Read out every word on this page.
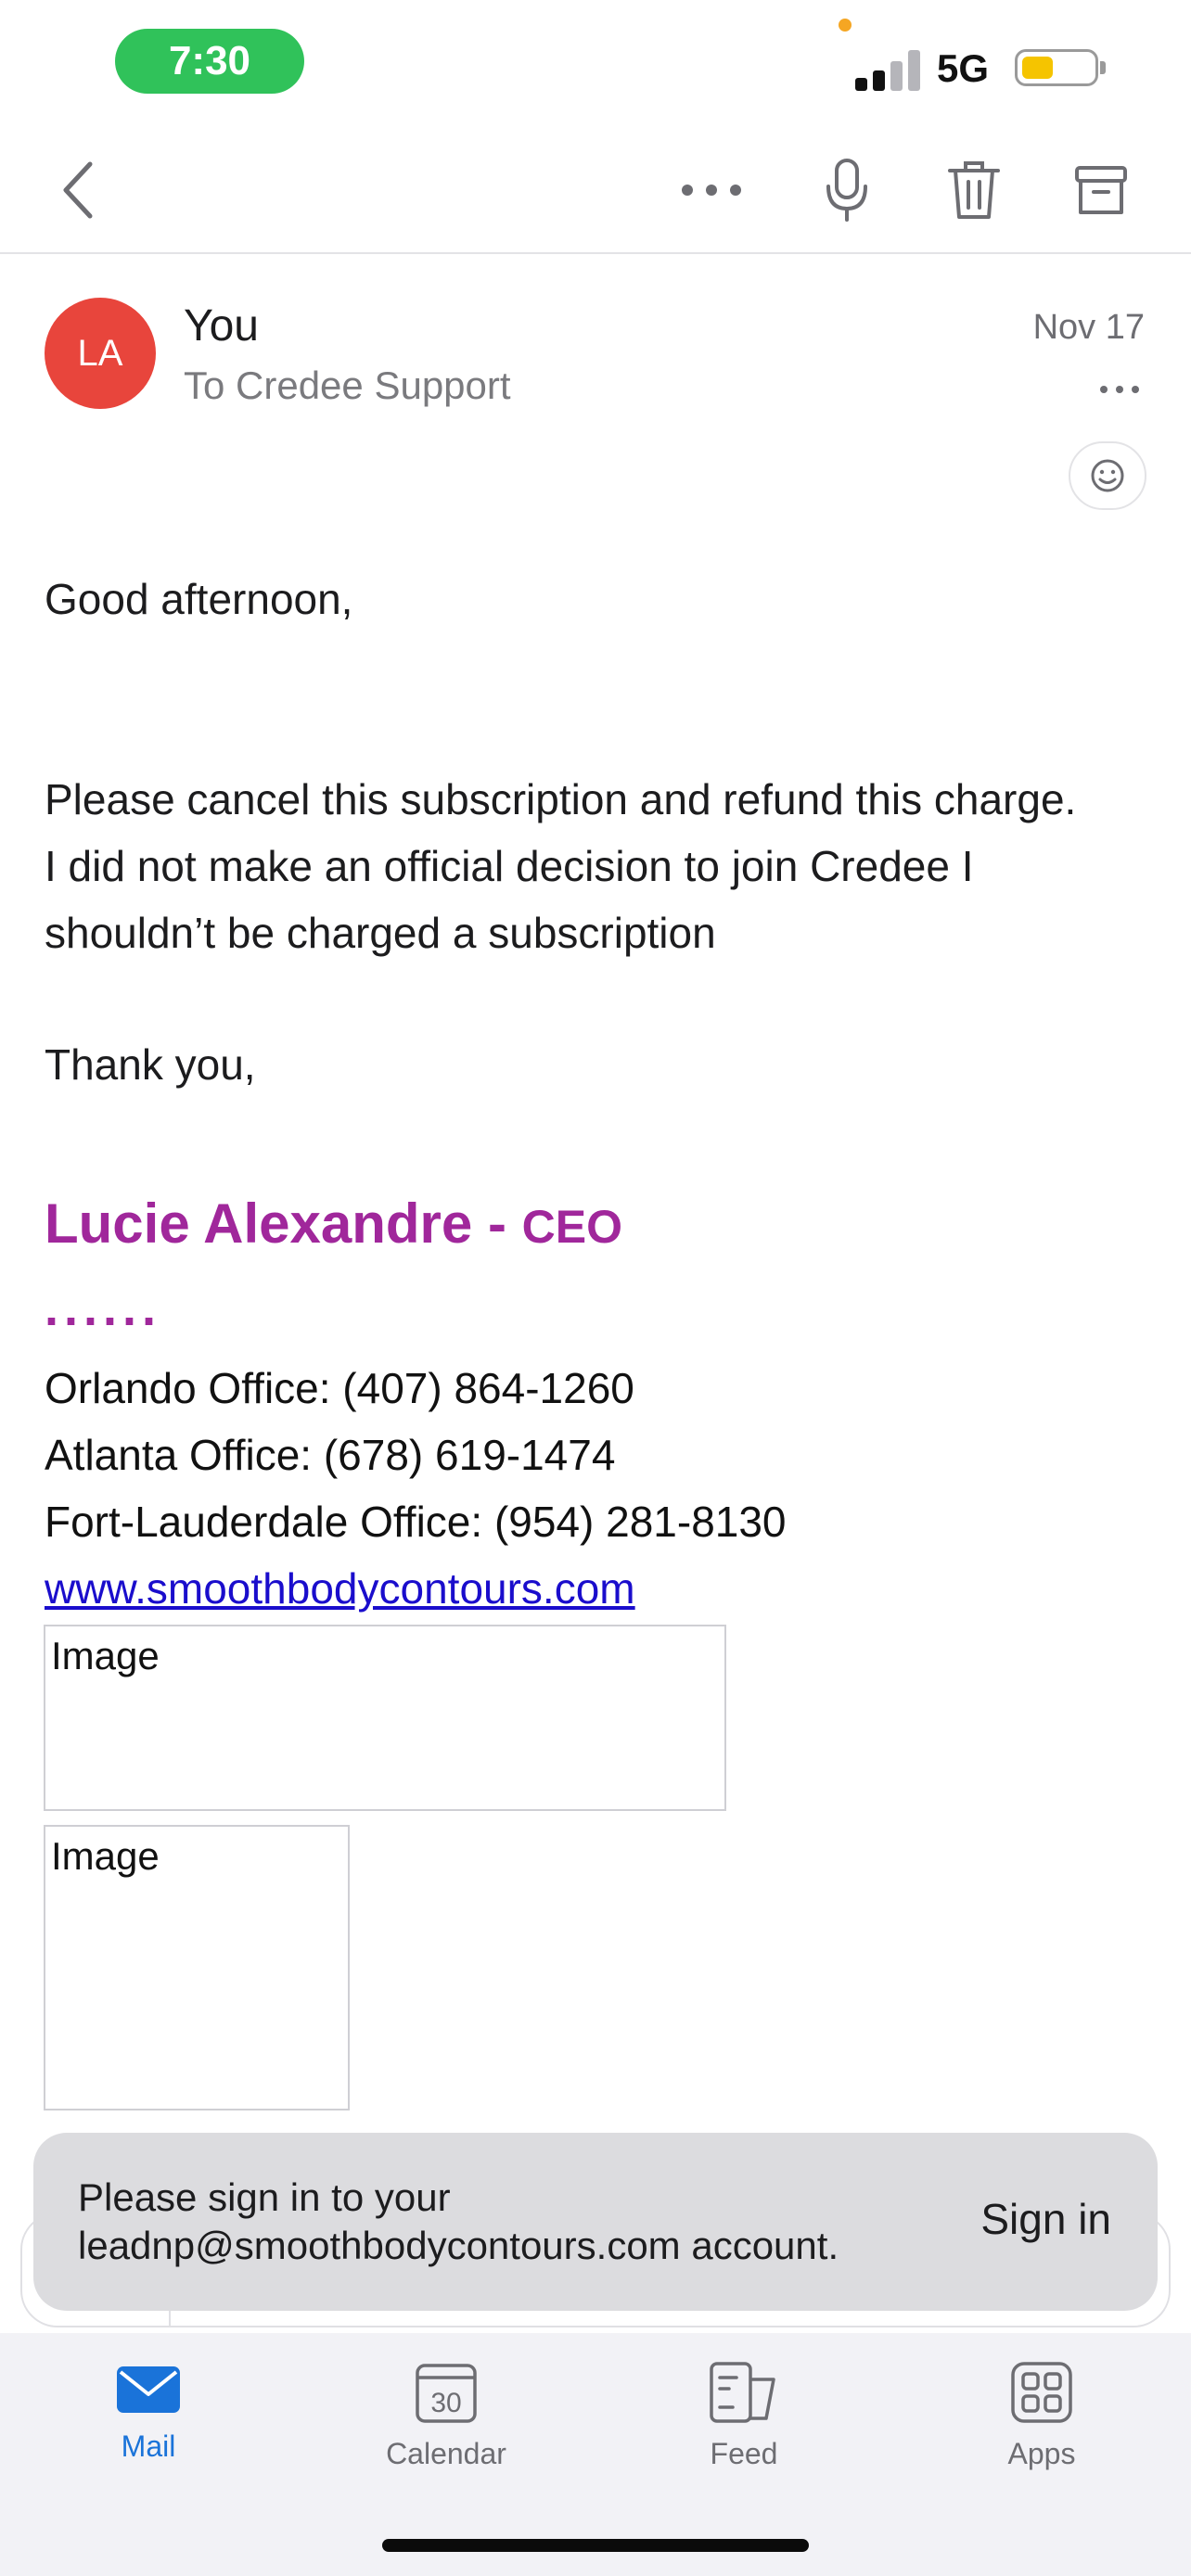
7:30	5G
LA
You
To Credee Support
Nov 17
Good afternoon,
Please cancel this subscription and refund this charge.
I did not make an official decision to join Credee I
shouldn’t be charged a subscription
Thank you,
Lucie Alexandre - CEO
......
Orlando Office: (407) 864-1260
Atlanta Office: (678) 619-1474
Fort-Lauderdale Office: (954) 281-8130
www.smoothbodycontours.com
Image
Image
Please sign in to your leadnp@smoothbodycontours.com account.
Sign in
Mail
30
Calendar	Feed	Apps
